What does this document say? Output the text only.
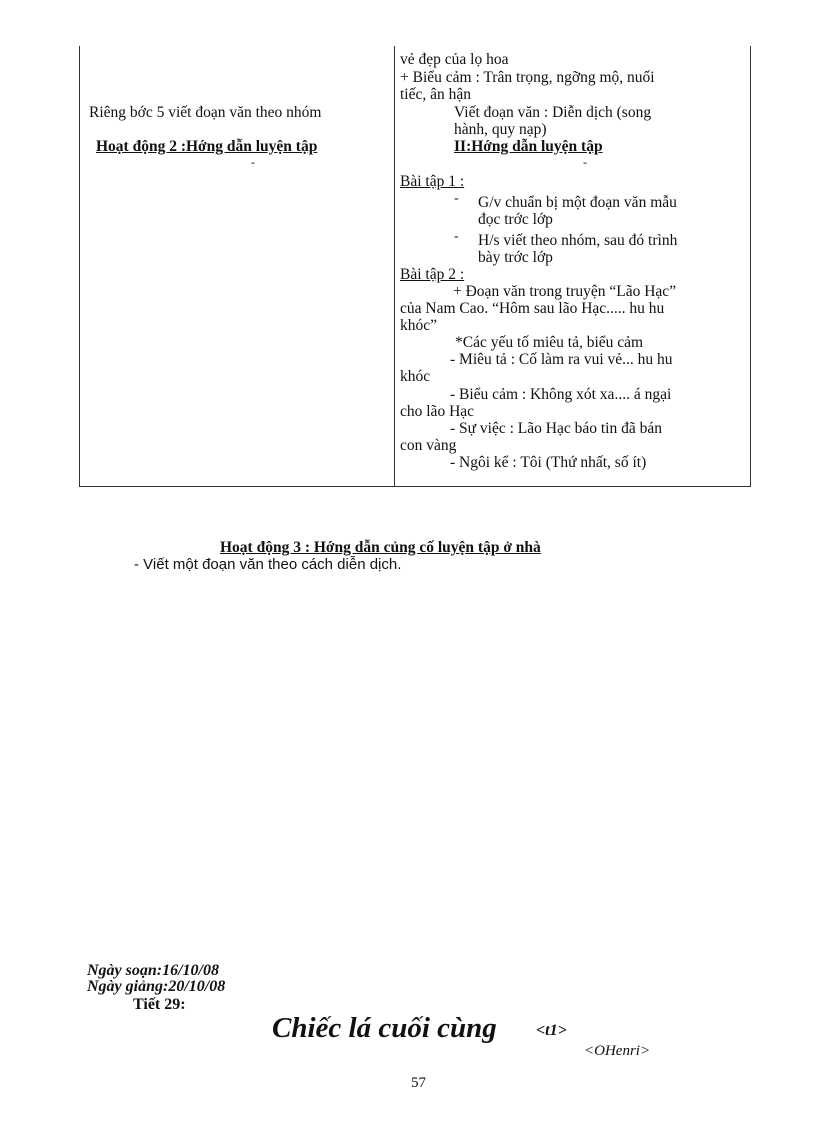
Riêng bớc 5 viết đoạn văn theo nhóm
Hoạt động 2 :Hớng dẫn luyện tập
-
vẻ đẹp của lọ hoa
+ Biểu cảm : Trân trọng, ngỡng mộ, nuối
tiếc, ân hận
Viết đoạn văn : Diễn dịch (song
hành, quy nạp)
II:Hớng dẫn luyện tập
-
Bài tập 1 :
- G/v chuẩn bị một đoạn văn mẫu
đọc trớc lớp
- H/s viết theo nhóm, sau đó trình
bày trớc lớp
Bài tập 2 :
+ Đoạn văn trong truyện “Lão Hạc”
của Nam Cao. “Hôm sau lão Hạc..... hu hu
khóc”
*Các yếu tố miêu tả, biểu cảm
- Miêu tả : Cố làm ra vui vẻ... hu hu
khóc
- Biểu cảm : Không xót xa.... á ngại
cho lão Hạc
- Sự việc : Lão Hạc báo tin đã bán
con vàng
- Ngôi kể : Tôi (Thứ nhất, số ít)
Hoạt động 3 : Hớng dẫn củng cố luyện tập ở nhà
- Viết một đoạn văn theo cách diễn dịch.
Ngày soạn:16/10/08
Ngày giảng:20/10/08
Tiết 29:
Chiếc lá cuối cùng <t1>
<OHenri>
57
